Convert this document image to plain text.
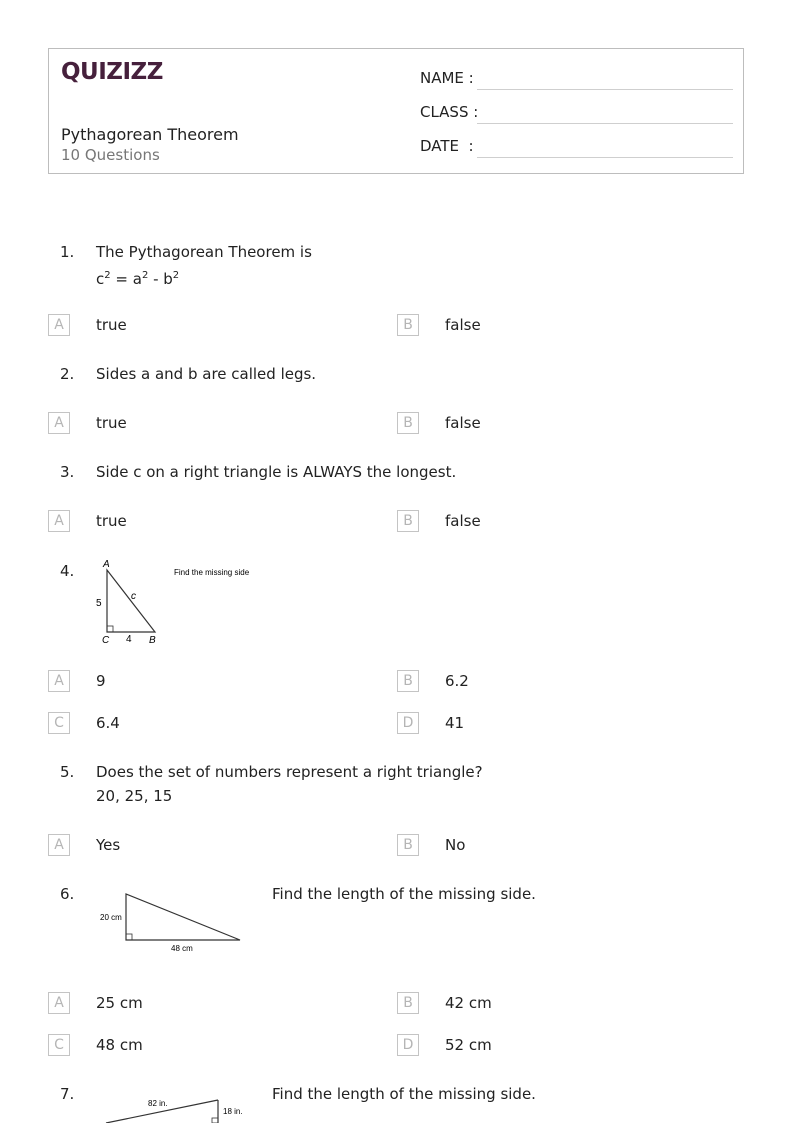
QUIZIZZ
Pythagorean Theorem
10 Questions
NAME :
CLASS :
DATE  :
1. The Pythagorean Theorem is
$c^2 = a^2 - b^2$
A	true	B	false
2. Sides a and b are called legs.
A	true	B	false
3. Side c on a right triangle is ALWAYS the longest.
A	true	B	false
4.	A
B
C
5
4
c
Find the missing side
A	9	B	6.2
C	6.4	D	41
5. Does the set of numbers represent a right triangle?
20, 25, 15
A	Yes	B	No
6.
20 cm
48 cm
Find the length of the missing side.
A	25 cm	B	42 cm
C	48 cm	D	52 cm
7.
82 in.
18 in.
Find the length of the missing side.
